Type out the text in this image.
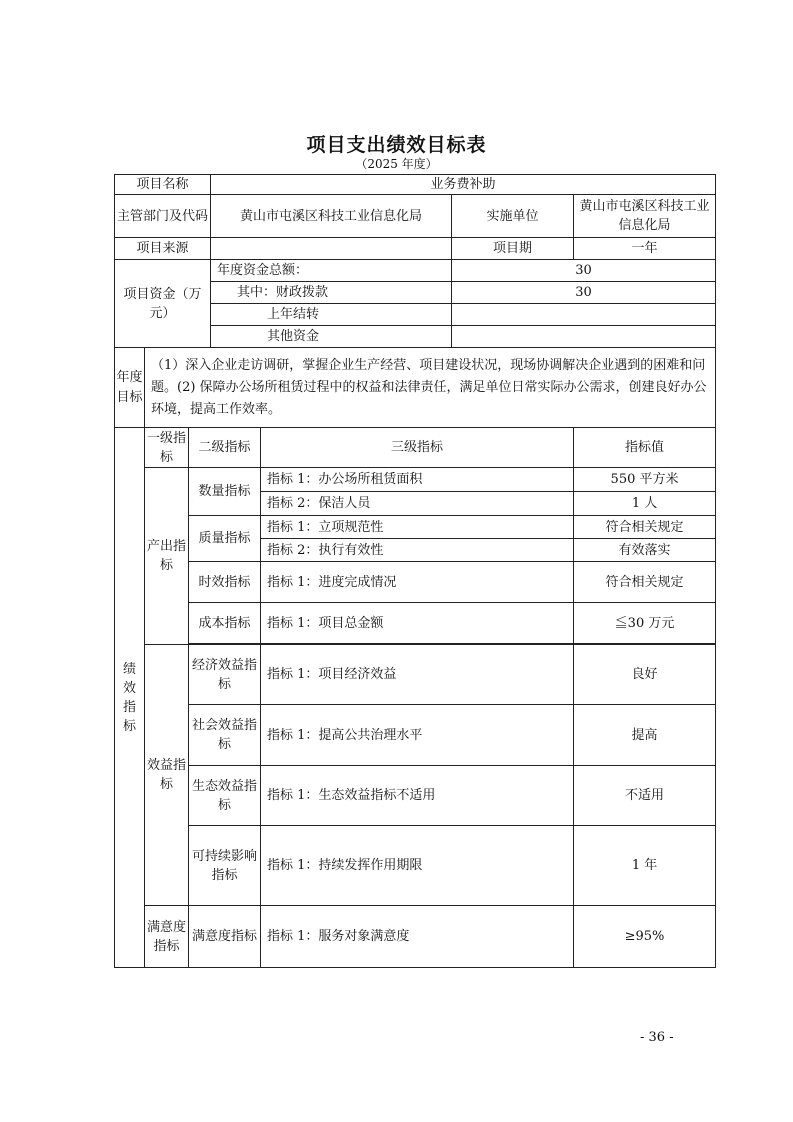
项目支出绩效目标表
（2025 年度）
项目名称			业务费补助			
主管部门及代码			黄山市屯溪区科技工业信息化局		实施单位	黄山市屯溪区科技工业信息化局
项目来源					项目期	一年
项目资金（万元）			年度资金总额：		30	
			其中：财政拨款		30	
			上年结转			
			其他资金			
年度目标	（1）深入企业走访调研，掌握企业生产经营、项目建设状况，现场协调解决企业遇到的困难和问题。(2) 保障办公场所租赁过程中的权益和法律责任，满足单位日常实际办公需求，创建良好办公环境，提高工作效率。					
绩效指标	一级指标	二级指标		三级指标		指标值
	产出指标	数量指标		指标 1：办公场所租赁面积		550 平方米
				指标 2：保洁人员		1 人
		质量指标		指标 1：立项规范性		符合相关规定
				指标 2：执行有效性		有效落实
		时效指标		指标 1：进度完成情况		符合相关规定
		成本指标		指标 1：项目总金额		≦30 万元

	效益指标	经济效益指标		指标 1：项目经济效益		良好
		社会效益指标		指标 1：提高公共治理水平		提高
		生态效益指标		指标 1：生态效益指标不适用		不适用
		可持续影响指标		指标 1：持续发挥作用期限		1 年
	满意度指标	满意度指标		指标 1：服务对象满意度		≥95%
- 36 -
